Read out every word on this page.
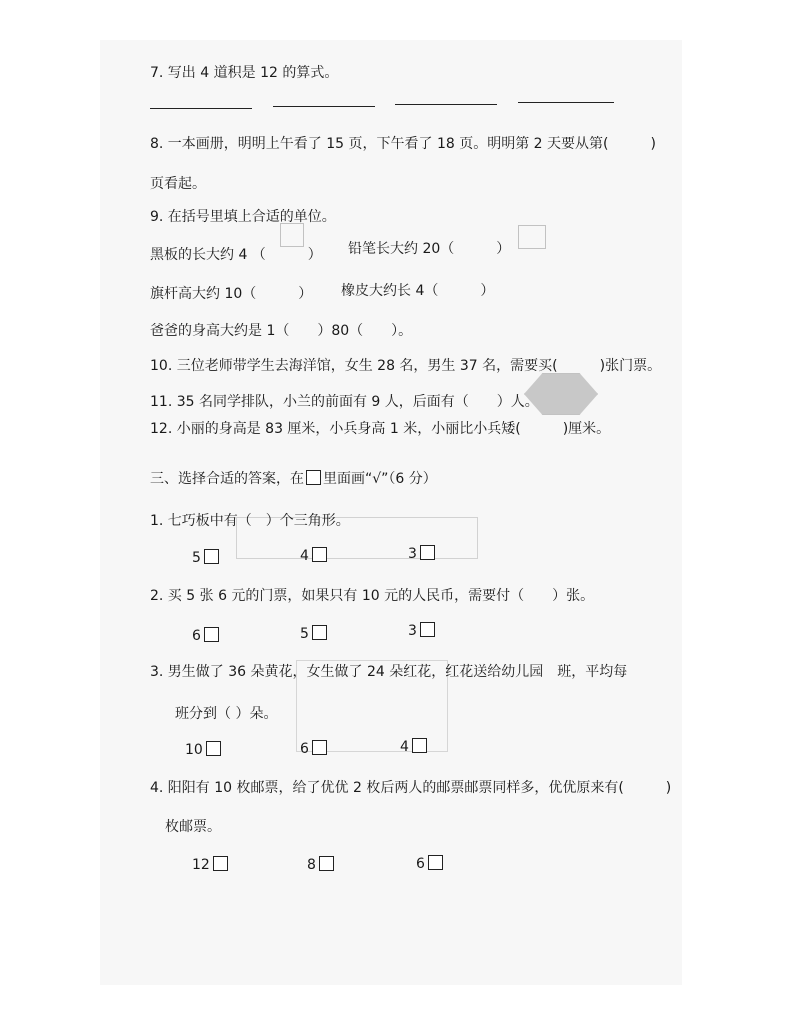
7. 写出 4 道积是 12 的算式。
8. 一本画册，明明上午看了 15 页，下午看了 18 页。明明第 2 天要从第(　　　)
页看起。
9. 在括号里填上合适的单位。
黑板的长大约 4 （　　　） 铅笔长大约 20（　　　）
旗杆高大约 10（　　　） 橡皮大约长 4（　　　）
爸爸的身高大约是 1（　　）80（　　）。
10. 三位老师带学生去海洋馆，女生 28 名，男生 37 名，需要买(　　　)张门票。
11. 35 名同学排队，小兰的前面有 9 人，后面有（　　）人。
12. 小丽的身高是 83 厘米，小兵身高 1 米，小丽比小兵矮(　　　)厘米。
三、选择合适的答案，在 里面画“√”（6 分）
1. 七巧板中有（　）个三角形。
5	4	3
2. 买 5 张 6 元的门票，如果只有 10 元的人民币，需要付（　　）张。
6	5	3
3. 男生做了 36 朵黄花，女生做了 24 朵红花，红花送给幼儿园　班，平均每
班分到（ ）朵。
10	6	4
4. 阳阳有 10 枚邮票，给了优优 2 枚后两人的邮票邮票同样多，优优原来有(　　　)
枚邮票。
12	8	6
